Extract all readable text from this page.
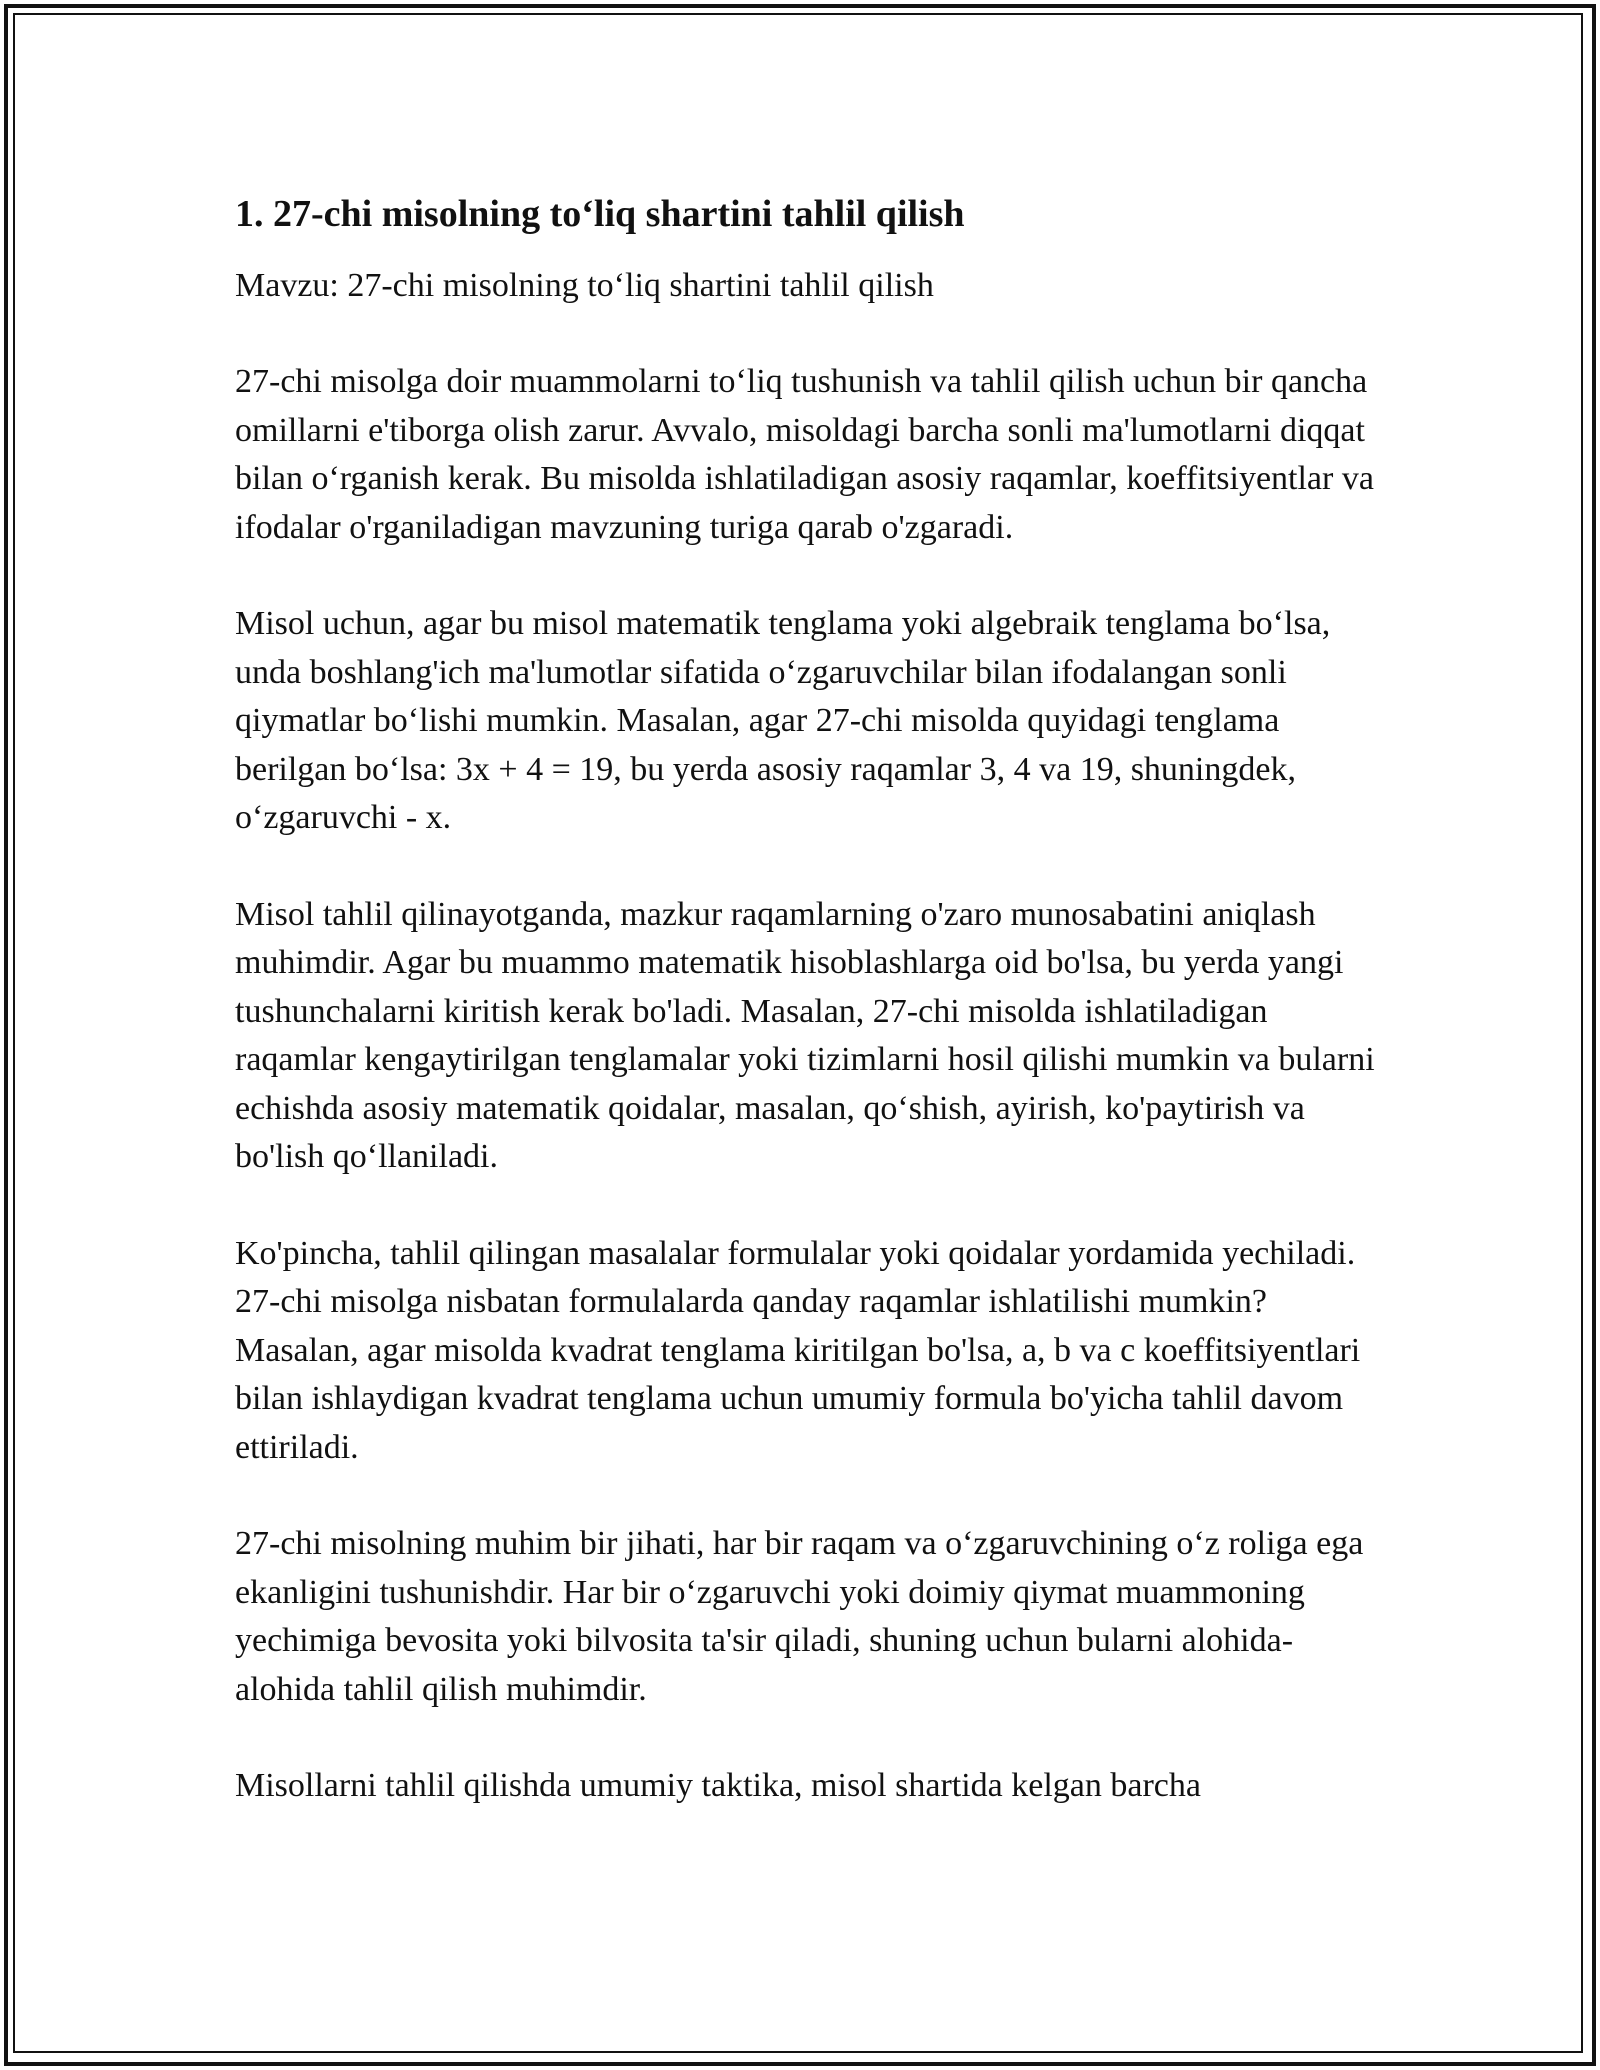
1. 27-chi misolning to‘liq shartini tahlil qilish

Mavzu: 27-chi misolning to‘liq shartini tahlil qilish

27-chi misolga doir muammolarni to‘liq tushunish va tahlil qilish uchun bir qancha omillarni e'tiborga olish zarur. Avvalo, misoldagi barcha sonli ma'lumotlarni diqqat bilan o‘rganish kerak. Bu misolda ishlatiladigan asosiy raqamlar, koeffitsiyentlar va ifodalar o'rganiladigan mavzuning turiga qarab o'zgaradi.

Misol uchun, agar bu misol matematik tenglama yoki algebraik tenglama bo‘lsa, unda boshlang'ich ma'lumotlar sifatida o‘zgaruvchilar bilan ifodalangan sonli qiymatlar bo‘lishi mumkin. Masalan, agar 27-chi misolda quyidagi tenglama berilgan bo‘lsa: 3x + 4 = 19, bu yerda asosiy raqamlar 3, 4 va 19, shuningdek, o‘zgaruvchi - x.

Misol tahlil qilinayotganda, mazkur raqamlarning o'zaro munosabatini aniqlash muhimdir. Agar bu muammo matematik hisoblashlarga oid bo'lsa, bu yerda yangi tushunchalarni kiritish kerak bo'ladi. Masalan, 27-chi misolda ishlatiladigan raqamlar kengaytirilgan tenglamalar yoki tizimlarni hosil qilishi mumkin va bularni echishda asosiy matematik qoidalar, masalan, qo‘shish, ayirish, ko'paytirish va bo'lish qo‘llaniladi.

Ko'pincha, tahlil qilingan masalalar formulalar yoki qoidalar yordamida yechiladi. 27-chi misolga nisbatan formulalarda qanday raqamlar ishlatilishi mumkin? Masalan, agar misolda kvadrat tenglama kiritilgan bo'lsa, a, b va c koeffitsiyentlari bilan ishlaydigan kvadrat tenglama uchun umumiy formula bo'yicha tahlil davom ettiriladi.

27-chi misolning muhim bir jihati, har bir raqam va o‘zgaruvchining o‘z roliga ega ekanligini tushunishdir. Har bir o‘zgaruvchi yoki doimiy qiymat muammoning yechimiga bevosita yoki bilvosita ta'sir qiladi, shuning uchun bularni alohida-alohida tahlil qilish muhimdir.

Misollarni tahlil qilishda umumiy taktika, misol shartida kelgan barcha
